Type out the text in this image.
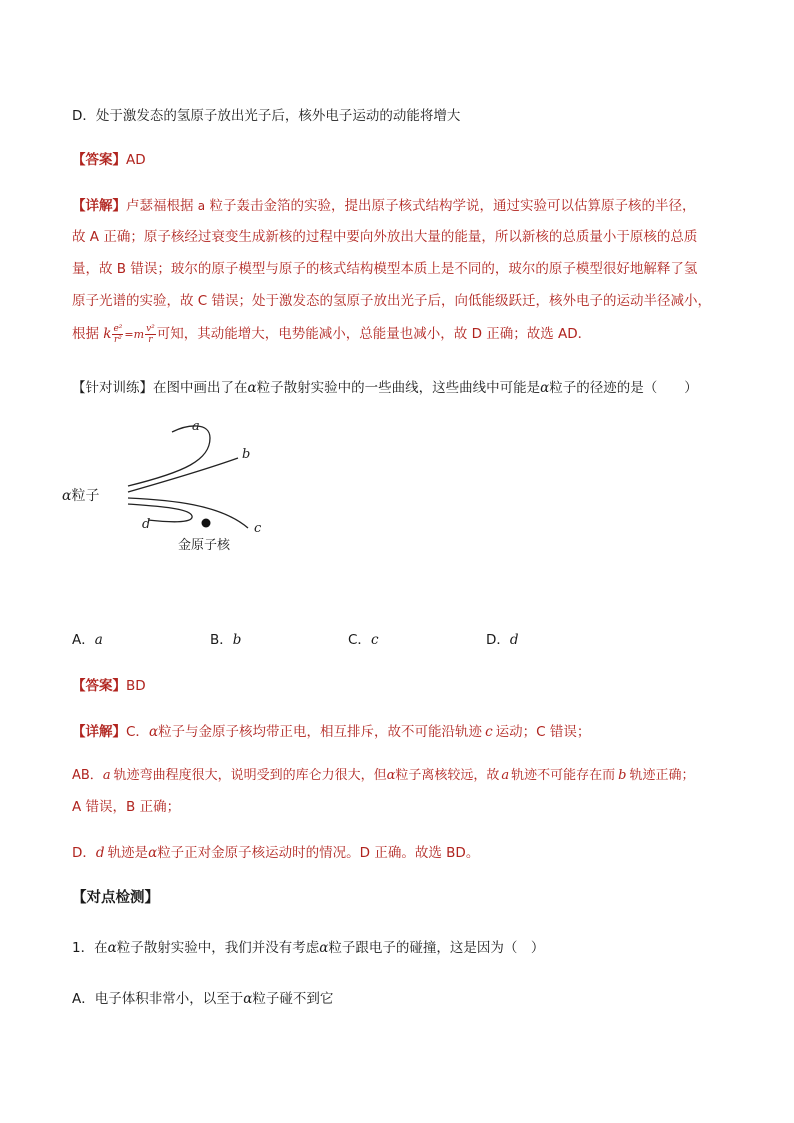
D．处于激发态的氢原子放出光子后，核外电子运动的动能将增大
【答案】AD
【详解】卢瑟福根据 a 粒子轰击金箔的实验，提出原子核式结构学说，通过实验可以估算原子核的半径，
故 A 正确；原子核经过衰变生成新核的过程中要向外放出大量的能量，所以新核的总质量小于原核的总质
量，故 B 错误；玻尔的原子模型与原子的核式结构模型本质上是不同的，玻尔的原子模型很好地解释了氢
原子光谱的实验，故 C 错误；处于激发态的氢原子放出光子后，向低能级跃迁，核外电子的运动半径减小，
根据 k $\frac{\text{e²}}{\text{r²}} =m \frac{\text{v²}}{r}$ 可知，其动能增大，电势能减小，总能量也减小，故 D 正确；故选 AD．
【针对训练】在图中画出了在α粒子散射实验中的一些曲线，这些曲线中可能是α粒子的径迹的是（　　）
a
b
c
d
α粒子
金原子核
A．a	B．b	C．c	D．d
【答案】BD
【详解】C．α粒子与金原子核均带正电，相互排斥，故不可能沿轨迹 c 运动；C 错误；
AB．a 轨迹弯曲程度很大，说明受到的库仑力很大，但α粒子离核较远，故 a 轨迹不可能存在而 b 轨迹正确；
A 错误，B 正确；
D．d 轨迹是α粒子正对金原子核运动时的情况。D 正确。故选 BD。
【对点检测】
1．在α粒子散射实验中，我们并没有考虑α粒子跟电子的碰撞，这是因为（　）
A．电子体积非常小，以至于α粒子碰不到它
